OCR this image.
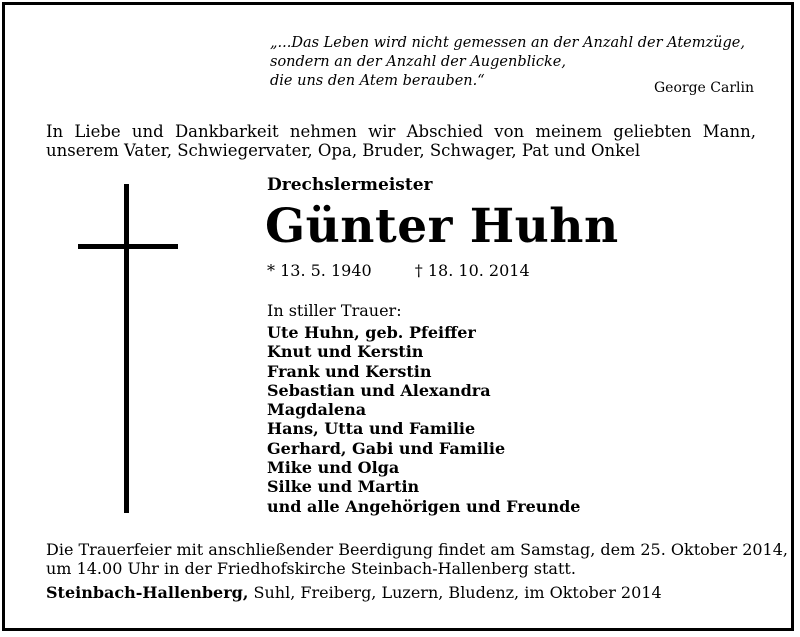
„...Das Leben wird nicht gemessen an der Anzahl der Atemzüge,
sondern an der Anzahl der Augenblicke,
die uns den Atem berauben.“	George Carlin
In Liebe und Dankbarkeit nehmen wir Abschied von meinem geliebten Mann,
unserem Vater, Schwiegervater, Opa, Bruder, Schwager, Pat und Onkel
Drechslermeister
Günter Huhn
* 13. 5. 1940	† 18. 10. 2014
In stiller Trauer:
Ute Huhn, geb. Pfeiffer
Knut und Kerstin
Frank und Kerstin
Sebastian und Alexandra
Magdalena
Hans, Utta und Familie
Gerhard, Gabi und Familie
Mike und Olga
Silke und Martin
und alle Angehörigen und Freunde
Die Trauerfeier mit anschließender Beerdigung findet am Samstag, dem 25. Oktober 2014,
um 14.00 Uhr in der Friedhofskirche Steinbach-Hallenberg statt.
Steinbach-Hallenberg, Suhl, Freiberg, Luzern, Bludenz, im Oktober 2014
